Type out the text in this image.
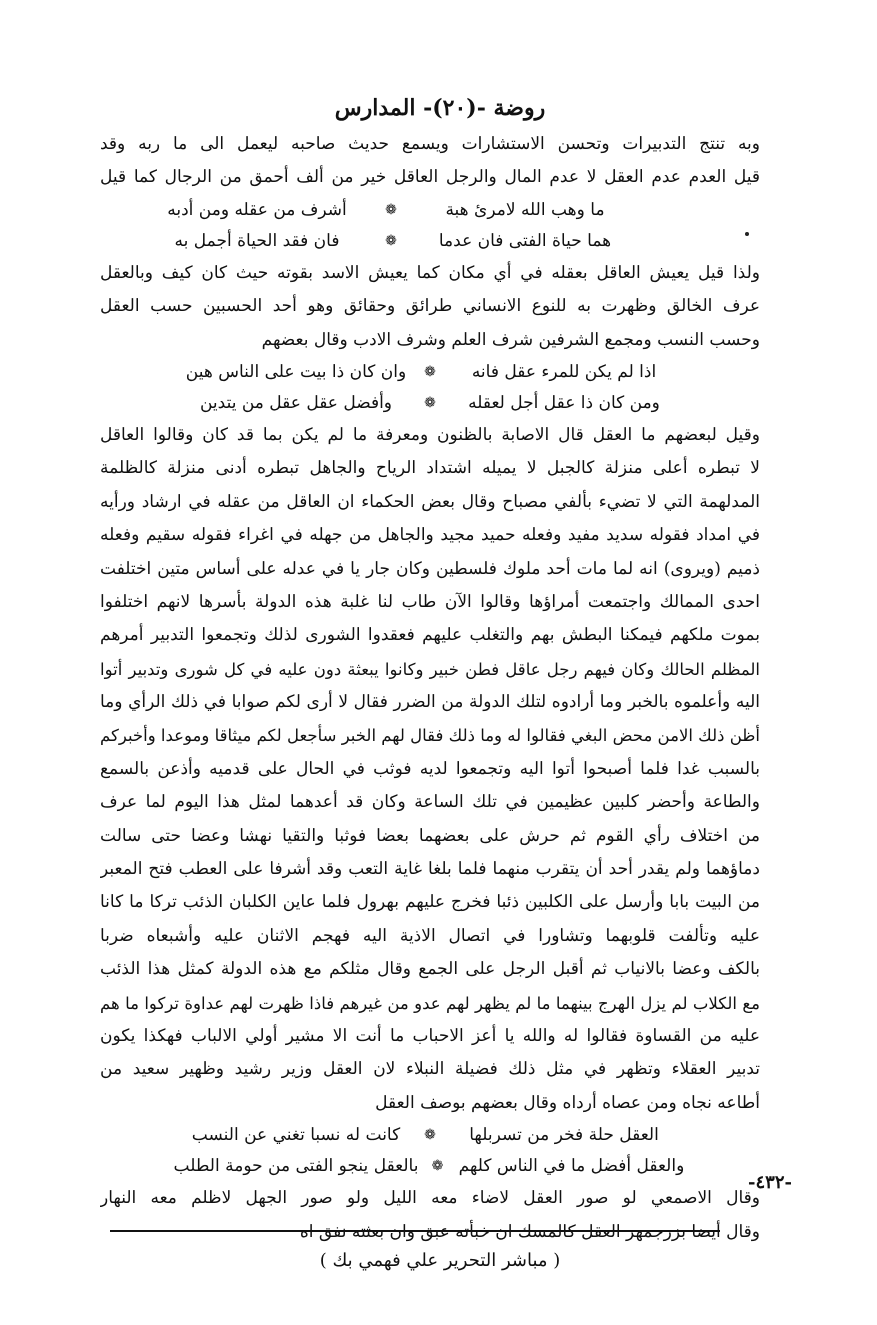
روضة -(٢٠)- المدارس
وبه تنتج التدبيرات وتحسن الاستشارات ويسمع حديث صاحبه ليعمل الى ما ربه وقد
قيل العدم عدم العقل لا عدم المال والرجل العاقل خير من ألف أحمق من الرجال كما قيل
ما وهب الله لامرئ هبة
❁
أشرف من عقله ومن أدبه
هما حياة الفتى فان عدما
❁
فان فقد الحياة أجمل به
ولذا قيل يعيش العاقل بعقله في أي مكان كما يعيش الاسد بقوته حيث كان كيف وبالعقل
عرف الخالق وظهرت به للنوع الانساني طرائق وحقائق وهو أحد الحسبين حسب العقل
وحسب النسب ومجمع الشرفين شرف العلم وشرف الادب وقال بعضهم
اذا لم يكن للمرء عقل فانه
❁
وان كان ذا بيت على الناس هين
ومن كان ذا عقل أجل لعقله
❁
وأفضل عقل عقل من يتدين
وقيل لبعضهم ما العقل قال الاصابة بالظنون ومعرفة ما لم يكن بما قد كان وقالوا العاقل
لا تبطره أعلى منزلة كالجبل لا يميله اشتداد الرياح والجاهل تبطره أدنى منزلة كالظلمة
المدلهمة التي لا تضيء بألفي مصباح وقال بعض الحكماء ان العاقل من عقله في ارشاد ورأيه
في امداد فقوله سديد مفيد وفعله حميد مجيد والجاهل من جهله في اغراء فقوله سقيم وفعله
ذميم (ويروى) انه لما مات أحد ملوك فلسطين وكان جار يا في عدله على أساس متين اختلفت
احدى الممالك واجتمعت أمراؤها وقالوا الآن طاب لنا غلبة هذه الدولة بأسرها لانهم اختلفوا
بموت ملكهم فيمكنا البطش بهم والتغلب عليهم فعقدوا الشورى لذلك وتجمعوا التدبير أمرهم
المظلم الحالك وكان فيهم رجل عاقل فطن خبير وكانوا يبعثة دون عليه في كل شورى وتدبير أتوا
اليه وأعلموه بالخبر وما أرادوه لتلك الدولة من الضرر فقال لا أرى لكم صوابا في ذلك الرأي وما
أظن ذلك الامن محض البغي فقالوا له وما ذلك فقال لهم الخبر سأجعل لكم ميثاقا وموعدا وأخبركم
بالسبب غدا فلما أصبحوا أتوا اليه وتجمعوا لديه فوثب في الحال على قدميه وأذعن بالسمع
والطاعة وأحضر كلبين عظيمين في تلك الساعة وكان قد أعدهما لمثل هذا اليوم لما عرف
من اختلاف رأي القوم ثم حرش على بعضهما بعضا فوثبا والتقيا نهشا وعضا حتى سالت
دماؤهما ولم يقدر أحد أن يتقرب منهما فلما بلغا غاية التعب وقد أشرفا على العطب فتح المعبر
من البيت بابا وأرسل على الكلبين ذئبا فخرج عليهم بهرول فلما عاين الكلبان الذئب تركا ما كانا
عليه وتألفت قلوبهما وتشاورا في اتصال الاذية اليه فهجم الاثنان عليه وأشبعاه ضربا
بالكف وعضا بالانياب ثم أقبل الرجل على الجمع وقال مثلكم مع هذه الدولة كمثل هذا الذئب
مع الكلاب لم يزل الهرج بينهما ما لم يظهر لهم عدو من غيرهم فاذا ظهرت لهم عداوة تركوا ما هم
عليه من القساوة فقالوا له والله يا أعز الاحباب ما أنت الا مشير أولي الالباب فهكذا يكون
تدبير العقلاء وتظهر في مثل ذلك فضيلة النبلاء لان العقل وزير رشيد وظهير سعيد من
أطاعه نجاه ومن عصاه أرداه وقال بعضهم بوصف العقل
العقل حلة فخر من تسربلها
❁
كانت له نسبا تغني عن النسب
والعقل أفضل ما في الناس كلهم
❁
بالعقل ينجو الفتى من حومة الطلب
وقال الاصمعي لو صور العقل لاضاء معه الليل ولو صور الجهل لاظلم معه النهار
وقال أيضا بزرجمهر العقل كالمسك ان خبأته عبق وان بعثته نفق اه
-٤٣٢-
( مباشر التحرير علي فهمي بك )
